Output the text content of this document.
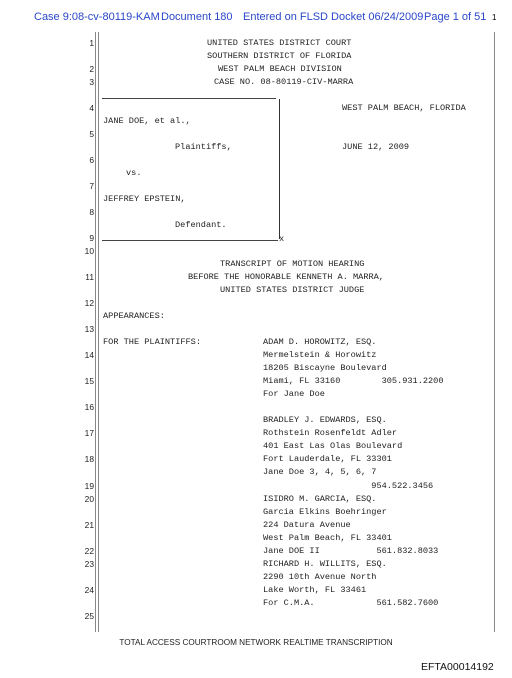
Case 9:08-cv-80119-KAM Document 180 Entered on FLSD Docket 06/24/2009 Page 1 of 51 1
1
2
3
4
5
6
7
8
9
10
11
12
13
14
15
16
17
18
19
20
21
22
23
24
25
UNITED STATES DISTRICT COURT
SOUTHERN DISTRICT OF FLORIDA
WEST PALM BEACH DIVISION
CASE NO. 08-80119-CIV-MARRA
WEST PALM BEACH, FLORIDA
JANE DOE, et al.,
Plaintiffs,	JUNE 12, 2009
vs.
JEFFREY EPSTEIN,
Defendant.
x
TRANSCRIPT OF MOTION HEARING
BEFORE THE HONORABLE KENNETH A. MARRA,
UNITED STATES DISTRICT JUDGE
APPEARANCES:
FOR THE PLAINTIFFS:	ADAM D. HOROWITZ, ESQ.
Mermelstein & Horowitz
18205 Biscayne Boulevard
Miami, FL 33160        305.931.2200
For Jane Doe
BRADLEY J. EDWARDS, ESQ.
Rothstein Rosenfeldt Adler
401 East Las Olas Boulevard
Fort Lauderdale, FL 33301
Jane Doe 3, 4, 5, 6, 7
954.522.3456
ISIDRO M. GARCIA, ESQ.
Garcia Elkins Boehringer
224 Datura Avenue
West Palm Beach, FL 33401
Jane DOE II           561.832.8033
RICHARD H. WILLITS, ESQ.
2290 10th Avenue North
Lake Worth, FL 33461
For C.M.A.            561.582.7600
TOTAL ACCESS COURTROOM NETWORK REALTIME TRANSCRIPTION
EFTA00014192
